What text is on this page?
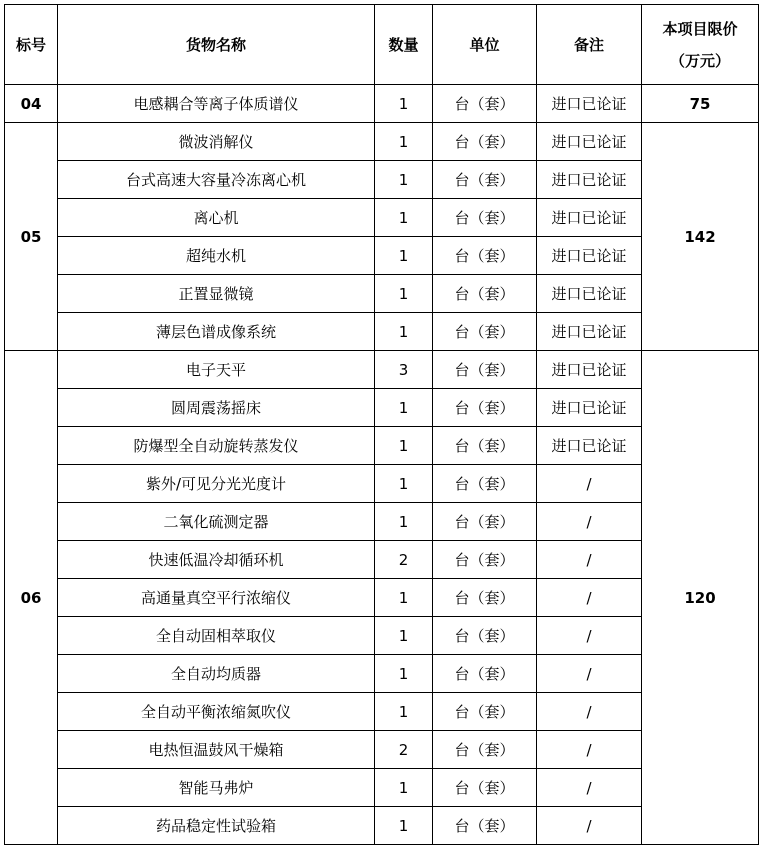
标号	货物名称	数量	单位	备注	本项目限价
（万元）

04	电感耦合等离子体质谱仪	1	台（套）	进口已论证	75
05	微波消解仪	1	台（套）	进口已论证	142
	台式高速大容量冷冻离心机	1	台（套）	进口已论证	
	离心机	1	台（套）	进口已论证	
	超纯水机	1	台（套）	进口已论证	
	正置显微镜	1	台（套）	进口已论证	
	薄层色谱成像系统	1	台（套）	进口已论证	
06	电子天平	3	台（套）	进口已论证	120
	圆周震荡摇床	1	台（套）	进口已论证	
	防爆型全自动旋转蒸发仪	1	台（套）	进口已论证	
	紫外/可见分光光度计	1	台（套）	/	
	二氧化硫测定器	1	台（套）	/	
	快速低温冷却循环机	2	台（套）	/	
	高通量真空平行浓缩仪	1	台（套）	/	
	全自动固相萃取仪	1	台（套）	/	
	全自动均质器	1	台（套）	/	
	全自动平衡浓缩氮吹仪	1	台（套）	/	
	电热恒温鼓风干燥箱	2	台（套）	/	
	智能马弗炉	1	台（套）	/	
	药品稳定性试验箱	1	台（套）	/	
